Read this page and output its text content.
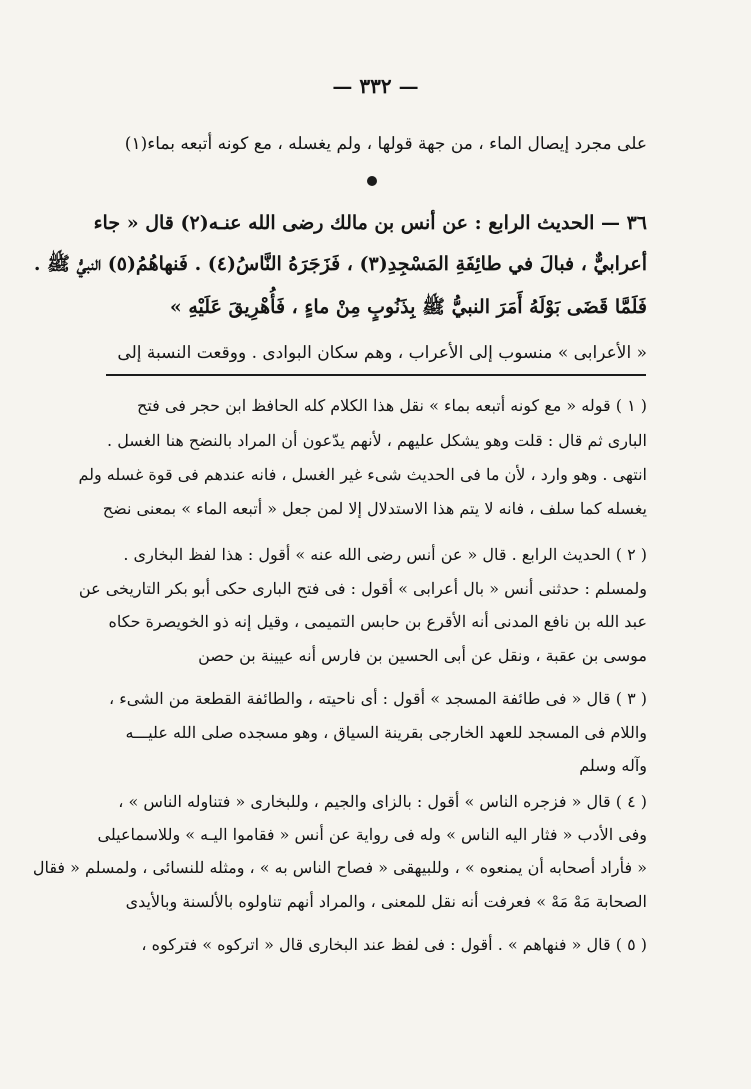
— ٣٣٢ —
على مجرد إيصال الماء ، من جهة قولها ، ولم يغسله ، مع كونه أتبعه بماء(١)
٣٦ — الحديث الرابع : عن أنس بن مالك رضى الله عنـه(٢) قال « جاء
أعرابيٌّ ، فبالَ في طائِفَةِ المَسْجِدِ(٣) ، فَزَجَرَهُ النَّاسُ(٤) . فَنهاهُمُ(٥) النبيُّ ﷺ .
فَلَمَّا قَضَى بَوْلَهُ أَمَرَ النبيُّ ﷺ بِذَنُوبٍ مِنْ ماءٍ ، فَأُهْرِيقَ عَلَيْهِ »
« الأعرابى » منسوب إلى الأعراب ، وهم سكان البوادى . ووقعت النسبة إلى
( ١ ) قوله « مع كونه أتبعه بماء » نقل هذا الكلام كله الحافظ ابن حجر فى فتح
البارى ثم قال : قلت وهو يشكل عليهم ، لأنهم يدّعون أن المراد بالنضح هنا الغسل .
انتهى . وهو وارد ، لأن ما فى الحديث شىء غير الغسل ، فانه عندهم فى قوة غسله ولم
يغسله كما سلف ، فانه لا يتم هذا الاستدلال إلا لمن جعل « أتبعه الماء » بمعنى نضح
( ٢ ) الحديث الرابع . قال « عن أنس رضى الله عنه » أقول : هذا لفظ البخارى .
ولمسلم : حدثنى أنس « بال أعرابى » أقول : فى فتح البارى حكى أبو بكر التاريخى عن
عبد الله بن نافع المدنى أنه الأقرع بن حابس التميمى ، وقيل إنه ذو الخويصرة حكاه
موسى بن عقبة ، ونقل عن أبى الحسين بن فارس أنه عيينة بن حصن
( ٣ ) قال « فى طائفة المسجد » أقول : أى ناحيته ، والطائفة القطعة من الشىء ،
واللام فى المسجد للعهد الخارجى بقرينة السياق ، وهو مسجده صلى الله عليـــه
وآله وسلم
( ٤ ) قال « فزجره الناس » أقول : بالزاى والجيم ، وللبخارى « فتناوله الناس » ،
وفى الأدب « فثار اليه الناس » وله فى رواية عن أنس « فقاموا اليـه » وللاسماعيلى
« فأراد أصحابه أن يمنعوه » ، وللبيهقى « فصاح الناس به » ، ومثله للنسائى ، ولمسلم « فقال
الصحابة مَهْ مَهْ » فعرفت أنه نقل للمعنى ، والمراد أنهم تناولوه بالألسنة وبالأيدى
( ٥ ) قال « فنهاهم » . أقول : فى لفظ عند البخارى قال « اتركوه » فتركوه ،
